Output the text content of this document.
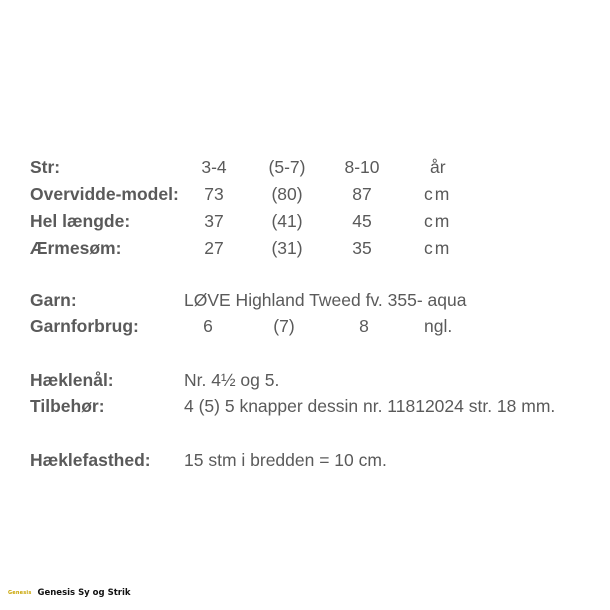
Str:	3-4	(5-7)	8-10	år
Overvidde-model:	73	(80)	87	cm
Hel længde:	37	(41)	45	cm
Ærmesøm:	27	(31)	35	cm
Garn:	LØVE Highland Tweed fv. 355- aqua
Garnforbrug:	6	(7)	8	ngl.
Hæklenål:	Nr. 4½ og 5.
Tilbehør:	4 (5) 5 knapper dessin nr. 11812024 str. 18 mm.
Hæklefasthed: 15 stm i bredden = 10 cm.
Genesis Genesis Sy og Strik
